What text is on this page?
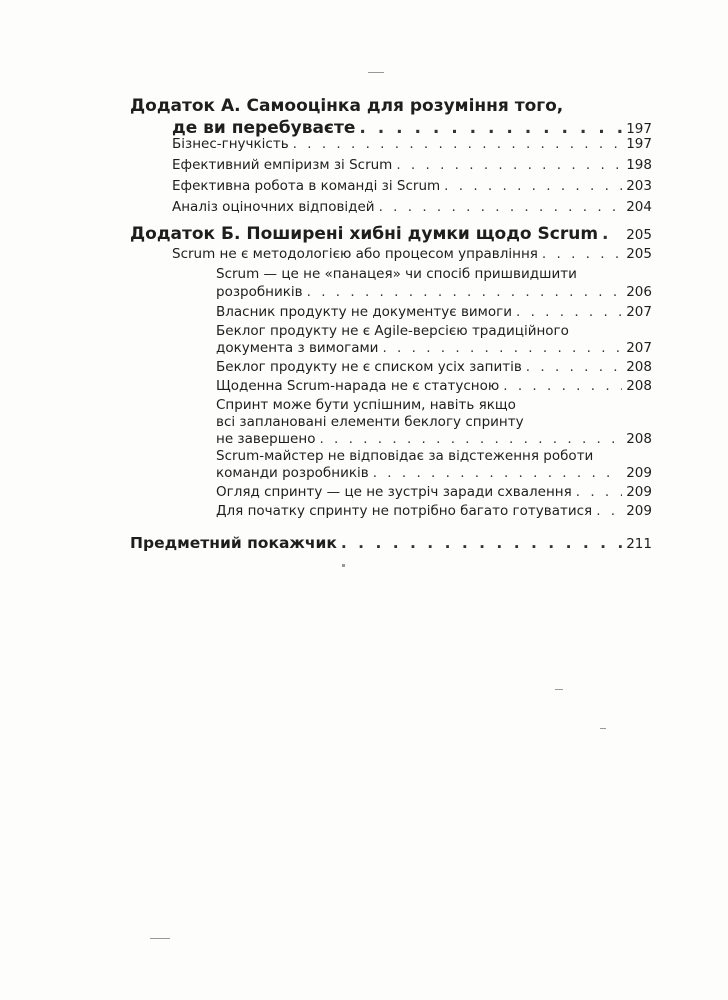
Додаток А. Самооцінка для розуміння того,
де ви перебуваєте . . .	197
Бізнес-гнучкість . . .	197
Ефективний емпіризм зі Scrum . . .	198
Ефективна робота в команді зі Scrum . . .	203
Аналіз оціночних відповідей . . .	204
Додаток Б. Поширені хибні думки щодо Scrum . . . 205
Scrum не є методологією або процесом управління . . .	205
Scrum — це не «панацея» чи спосіб пришвидшити
розробників . . .	206
Власник продукту не документує вимоги . . .	207
Беклог продукту не є Agile-версією традиційного
документа з вимогами . . .	207
Беклог продукту не є списком усіх запитів . . .	208
Щоденна Scrum-нарада не є статусною . . .	208
Спринт може бути успішним, навіть якщо
всі заплановані елементи беклогу спринту
не завершено . . .	208
Scrum-майстер не відповідає за відстеження роботи
команди розробників . . .	209
Огляд спринту — це не зустріч заради схвалення . . .	209
Для початку спринту не потрібно багато готуватися . . .	209
Предметний покажчик . . .	211
